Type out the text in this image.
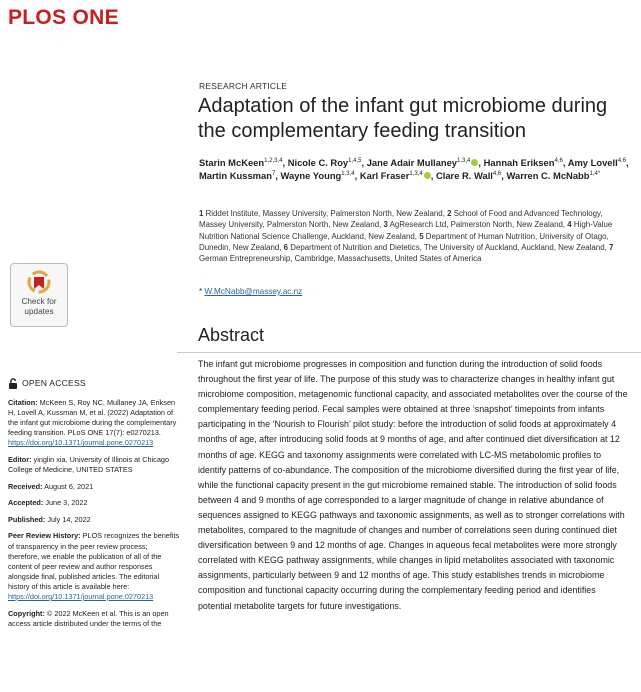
PLOS ONE
Check for
updates
RESEARCH ARTICLE
Adaptation of the infant gut microbiome during the complementary feeding transition
Starin McKeen$^{1,2,3,4}$, Nicole C. Roy$^{1,4,5}$, Jane Adair Mullaney$^{1,3,4}$ , Hannah Eriksen$^{4,6}$, Amy Lovell$^{4,6}$, Martin Kussman$^7$, Wayne Young$^{1,3,4}$, Karl Fraser$^{1,3,4}$ , Clare R. Wall$^{4,6}$, Warren C. McNabb$^{1,4*}$
1 Riddet Institute, Massey University, Palmerston North, New Zealand, 2 School of Food and Advanced Technology, Massey University, Palmerston North, New Zealand, 3 AgResearch Ltd, Palmerston North, New Zealand, 4 High-Value Nutrition National Science Challenge, Auckland, New Zealand, 5 Department of Human Nutrition, University of Otago, Dunedin, New Zealand, 6 Department of Nutrition and Dietetics, The University of Auckland, Auckland, New Zealand, 7 German Entrepreneurship, Cambridge, Massachusetts, United States of America
* W.McNabb@massey.ac.nz
Abstract
The infant gut microbiome progresses in composition and function during the introduction of solid foods throughout the first year of life. The purpose of this study was to characterize changes in healthy infant gut microbiome composition, metagenomic functional capacity, and associated metabolites over the course of the complementary feeding period. Fecal samples were obtained at three ‘snapshot’ timepoints from infants participating in the ‘Nourish to Flourish’ pilot study: before the introduction of solid foods at approximately 4 months of age, after introducing solid foods at 9 months of age, and after continued diet diversification at 12 months of age. KEGG and taxonomy assignments were correlated with LC-MS metabolomic profiles to identify patterns of co-abundance. The composition of the microbiome diversified during the first year of life, while the functional capacity present in the gut microbiome remained stable. The introduction of solid foods between 4 and 9 months of age corresponded to a larger magnitude of change in relative abundance of sequences assigned to KEGG pathways and taxonomic assignments, as well as to stronger correlations with metabolites, compared to the magnitude of changes and number of correlations seen during continued diet diversification between 9 and 12 months of age. Changes in aqueous fecal metabolites were more strongly correlated with KEGG pathway assignments, while changes in lipid metabolites associated with taxonomic assignments, particularly between 9 and 12 months of age. This study establishes trends in microbiome composition and functional capacity occurring during the complementary feeding period and identifies potential metabolite targets for future investigations.
OPEN ACCESS

Citation: McKeen S, Roy NC, Mullaney JA, Eriksen H, Lovell A, Kussman M, et al. (2022) Adaptation of the infant gut microbiome during the complementary feeding transition. PLoS ONE 17(7): e0270213. https://doi.org/10.1371/journal.pone.0270213

Editor: yinglin xia, University of Illinois at Chicago College of Medicine, UNITED STATES

Received: August 6, 2021

Accepted: June 3, 2022

Published: July 14, 2022

Peer Review History: PLOS recognizes the benefits of transparency in the peer review process; therefore, we enable the publication of all of the content of peer review and author responses alongside final, published articles. The editorial history of this article is available here: https://doi.org/10.1371/journal.pone.0270213

Copyright: © 2022 McKeen et al. This is an open access article distributed under the terms of the
